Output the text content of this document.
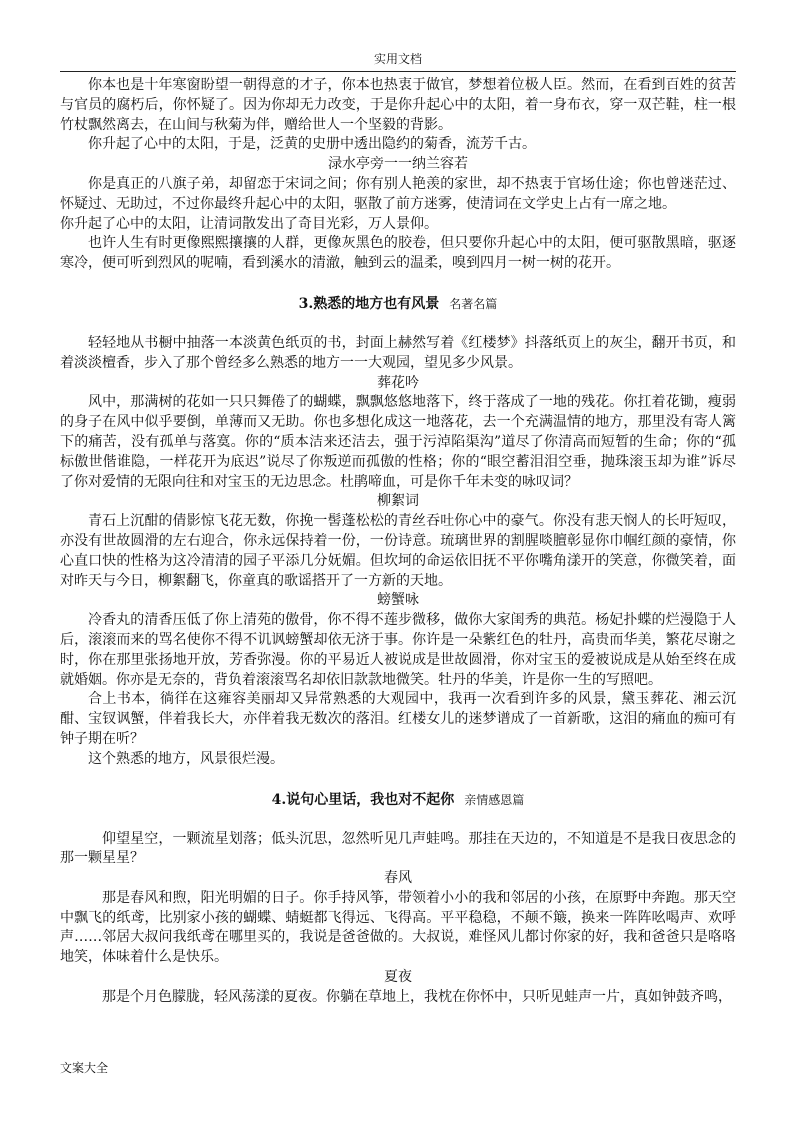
实用文档

你本也是十年寒窗盼望一朝得意的才子，你本也热衷于做官，梦想着位极人臣。然而，在看到百姓的贫苦与官员的腐朽后，你怀疑了。因为你却无力改变，于是你升起心中的太阳，着一身布衣，穿一双芒鞋，柱一根竹杖飘然离去，在山间与秋菊为伴，赠给世人一个坚毅的背影。

你升起了心中的太阳，于是，泛黄的史册中透出隐约的菊香，流芳千古。

渌水亭旁一一纳兰容若

你是真正的八旗子弟，却留恋于宋词之间；你有别人艳羡的家世，却不热衷于官场仕途；你也曾迷茫过、怀疑过、无助过，不过你最终升起心中的太阳，驱散了前方迷雾，使清词在文学史上占有一席之地。

你升起了心中的太阳，让清词散发出了奇目光彩，万人景仰。

也许人生有时更像熙熙攘攘的人群，更像灰黑色的胶卷，但只要你升起心中的太阳，便可驱散黑暗，驱逐寒冷，便可听到烈风的呢喃，看到溪水的清澈，触到云的温柔，嗅到四月一树一树的花开。

3.熟悉的地方也有风景 名著名篇

轻轻地从书橱中抽落一本淡黄色纸页的书，封面上赫然写着《红楼梦》抖落纸页上的灰尘，翻开书页，和着淡淡檀香，步入了那个曾经多么熟悉的地方一一大观园，望见多少风景。

葬花吟

风中，那满树的花如一只只舞倦了的蝴蝶，飘飘悠悠地落下，终于落成了一地的残花。你扛着花锄，瘦弱的身子在风中似乎要倒，单薄而又无助。你也多想化成这一地落花，去一个充满温情的地方，那里没有寄人篱下的痛苦，没有孤单与落寞。你的“质本洁来还洁去，强于污淖陷渠沟”道尽了你清高而短暂的生命；你的“孤标傲世偕谁隐，一样花开为底迟”说尽了你叛逆而孤傲的性格；你的“眼空蓄泪泪空垂，抛珠滚玉却为谁”诉尽了你对爱情的无限向往和对宝玉的无边思念。杜鹃啼血，可是你千年未变的咏叹词？

柳絮词

青石上沉酣的倩影惊飞花无数，你挽一髻蓬松松的青丝吞吐你心中的豪气。你没有悲天悯人的长吁短叹，亦没有世故圆滑的左右迎合，你永远保持着一份，一份诗意。琉璃世界的割腥啖膻彰显你巾帼红颜的豪情，你心直口快的性格为这冷清清的园子平添几分妩媚。但坎坷的命运依旧抚不平你嘴角漾开的笑意，你微笑着，面对昨天与今日，柳絮翻飞，你童真的歌谣搭开了一方新的天地。

螃蟹咏

冷香丸的清香压低了你上清苑的傲骨，你不得不莲步微移，做你大家闺秀的典范。杨妃扑蝶的烂漫隐于人后，滚滚而来的骂名使你不得不讥讽螃蟹却依无济于事。你许是一朵紫红色的牡丹，高贵而华美，繁花尽谢之时，你在那里张扬地开放，芳香弥漫。你的平易近人被说成是世故圆滑，你对宝玉的爱被说成是从始至终在成就婚姻。你亦是无奈的，背负着滚滚骂名却依旧款款地微笑。牡丹的华美，许是你一生的写照吧。

合上书本，徜徉在这雍容美丽却又异常熟悉的大观园中，我再一次看到许多的风景，黛玉葬花、湘云沉酣、宝钗讽蟹，伴着我长大，亦伴着我无数次的落泪。红楼女儿的迷梦谱成了一首新歌，这泪的痛血的痴可有钟子期在听？

这个熟悉的地方，风景很烂漫。

4.说句心里话，我也对不起你 亲情感恩篇

仰望星空，一颗流星划落；低头沉思，忽然听见几声蛙鸣。那挂在天边的，不知道是不是我日夜思念的那一颗星星？

春风

那是春风和煦，阳光明媚的日子。你手持风筝，带领着小小的我和邻居的小孩，在原野中奔跑。那天空中飘飞的纸鸢，比别家小孩的蝴蝶、蜻蜓都飞得远、飞得高。平平稳稳，不颠不簸，换来一阵阵吆喝声、欢呼声……邻居大叔问我纸鸢在哪里买的，我说是爸爸做的。大叔说，难怪风儿都讨你家的好，我和爸爸只是咯咯地笑，体味着什么是快乐。

夏夜

那是个月色朦胧，轻风荡漾的夏夜。你躺在草地上，我枕在你怀中，只听见蛙声一片，真如钟鼓齐鸣，

文案大全
